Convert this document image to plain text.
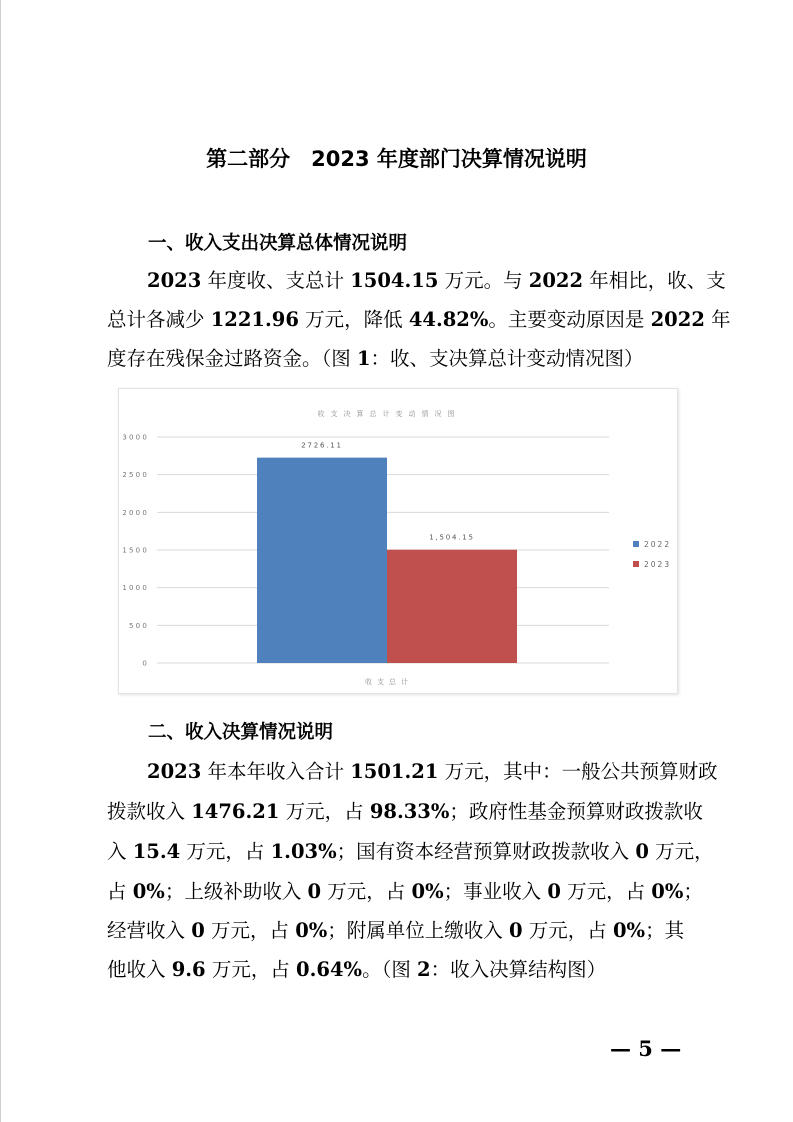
第二部分　2023 年度部门决算情况说明
一、收入支出决算总体情况说明
2023 年度收、支总计 1504.15 万元。与 2022 年相比，收、支
总计各减少 1221.96 万元，降低 44.82%。主要变动原因是 2022 年
度存在残保金过路资金。（图 1：收、支决算总计变动情况图）
收支决算总计变动情况图
0
500
1000
1500
2000
2500
3000
2726.11
1,504.15
收支总计
2022
2023
二、收入决算情况说明
2023 年本年收入合计 1501.21 万元，其中：一般公共预算财政
拨款收入 1476.21 万元，占 98.33%；政府性基金预算财政拨款收
入 15.4 万元，占 1.03%；国有资本经营预算财政拨款收入 0 万元，
占 0%；上级补助收入 0 万元，占 0%；事业收入 0 万元，占 0%；
经营收入 0 万元，占 0%；附属单位上缴收入 0 万元，占 0%；其
他收入 9.6 万元，占 0.64%。（图 2：收入决算结构图）
— 5 —
